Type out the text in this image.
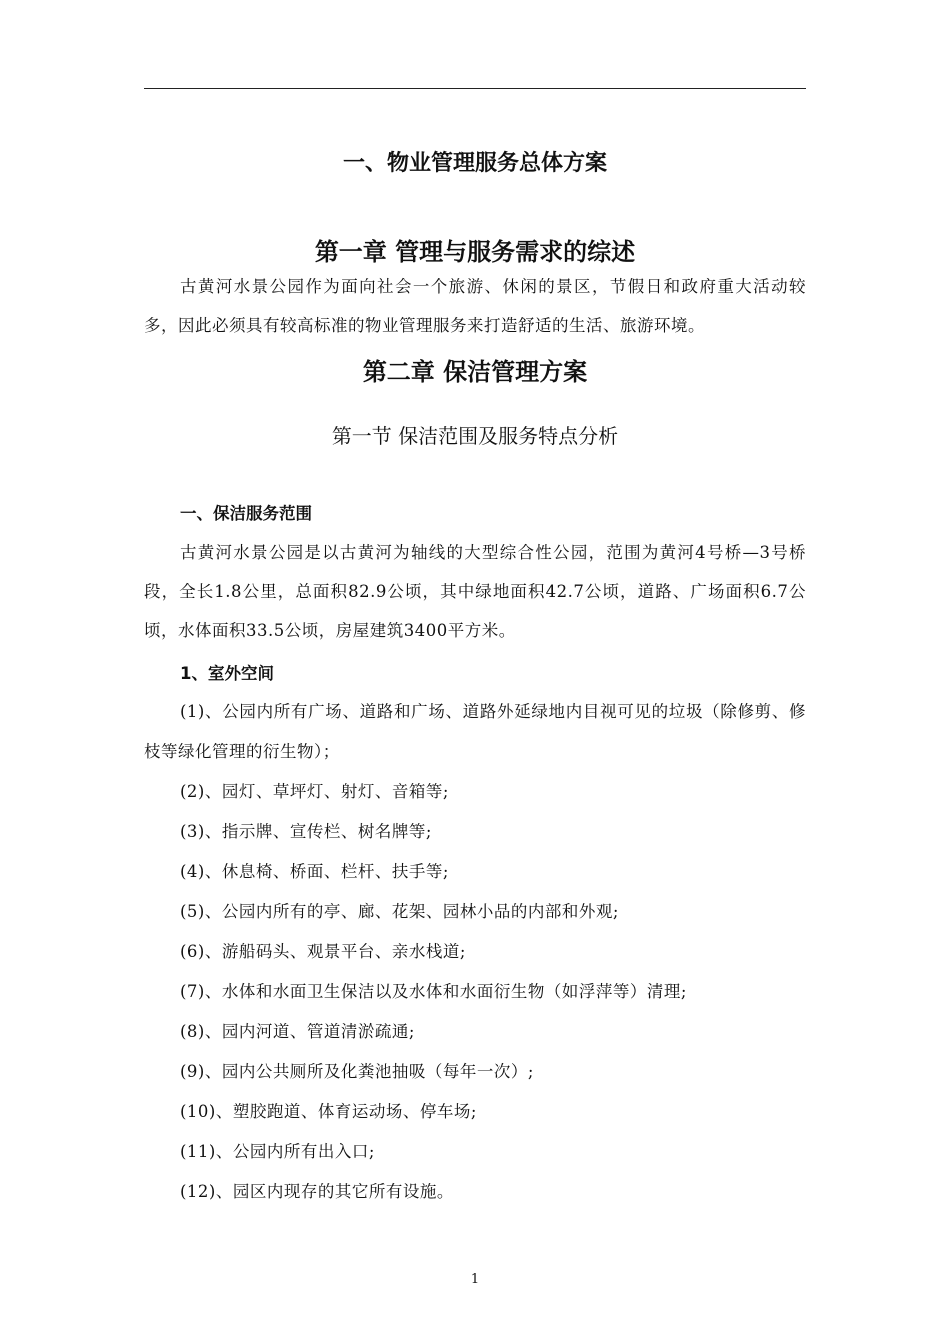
一、物业管理服务总体方案
第一章 管理与服务需求的综述
古黄河水景公园作为面向社会一个旅游、休闲的景区，节假日和政府重大活动较多，因此必须具有较高标准的物业管理服务来打造舒适的生活、旅游环境。
第二章 保洁管理方案
第一节 保洁范围及服务特点分析
一、保洁服务范围
古黄河水景公园是以古黄河为轴线的大型综合性公园，范围为黄河4号桥—3号桥段，全长1.8公里，总面积82.9公顷，其中绿地面积42.7公顷，道路、广场面积6.7公顷，水体面积33.5公顷，房屋建筑3400平方米。
1、室外空间
(1)、公园内所有广场、道路和广场、道路外延绿地内目视可见的垃圾（除修剪、修枝等绿化管理的衍生物）；
(2)、园灯、草坪灯、射灯、音箱等;
(3)、指示牌、宣传栏、树名牌等;
(4)、休息椅、桥面、栏杆、扶手等;
(5)、公园内所有的亭、廊、花架、园林小品的内部和外观;
(6)、游船码头、观景平台、亲水栈道;
(7)、水体和水面卫生保洁以及水体和水面衍生物（如浮萍等）清理;
(8)、园内河道、管道清淤疏通;
(9)、园内公共厕所及化粪池抽吸（每年一次）;
(10)、塑胶跑道、体育运动场、停车场;
(11)、公园内所有出入口;
(12)、园区内现存的其它所有设施。
1
